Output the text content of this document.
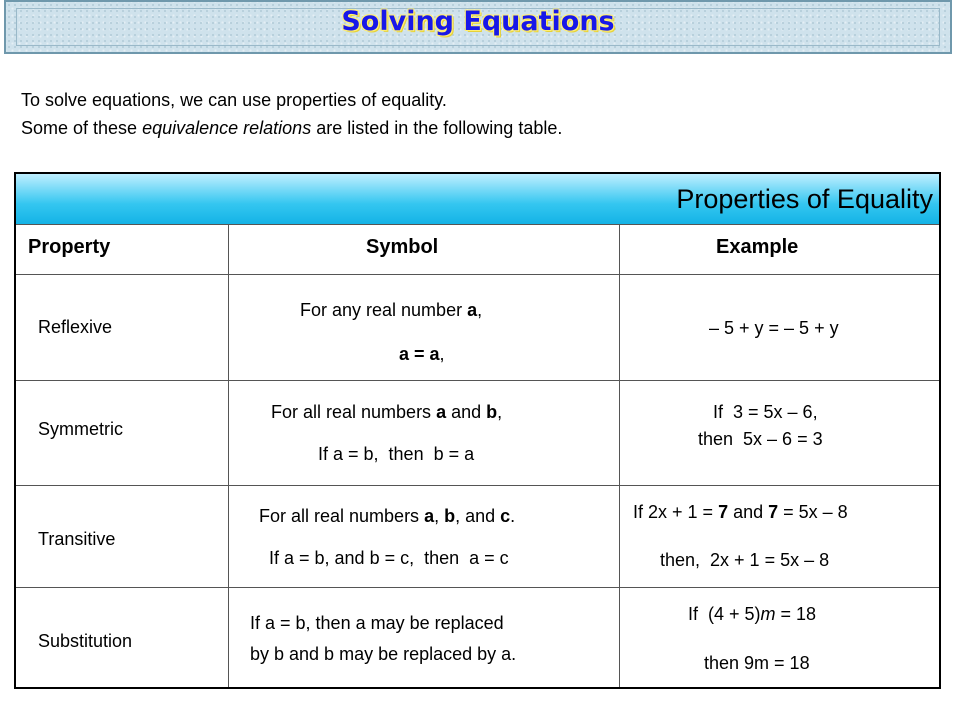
Solving Equations
To solve equations, we can use properties of equality.
Some of these equivalence relations are listed in the following table.
Properties of Equality
Property	Symbol	Example
Reflexive
For any real number a,
a = a,
– 5 + y = – 5 + y
Symmetric
For all real numbers a and b,
If a = b,  then  b = a
If  3 = 5x – 6,
then  5x – 6 = 3
Transitive
For all real numbers a, b, and c.
If a = b, and b = c,  then  a = c
If 2x + 1 = 7 and 7 = 5x – 8
then,  2x + 1 = 5x – 8
Substitution
If a = b, then a may be replaced
by b and b may be replaced by a.
If  (4 + 5)m = 18
then 9m = 18
